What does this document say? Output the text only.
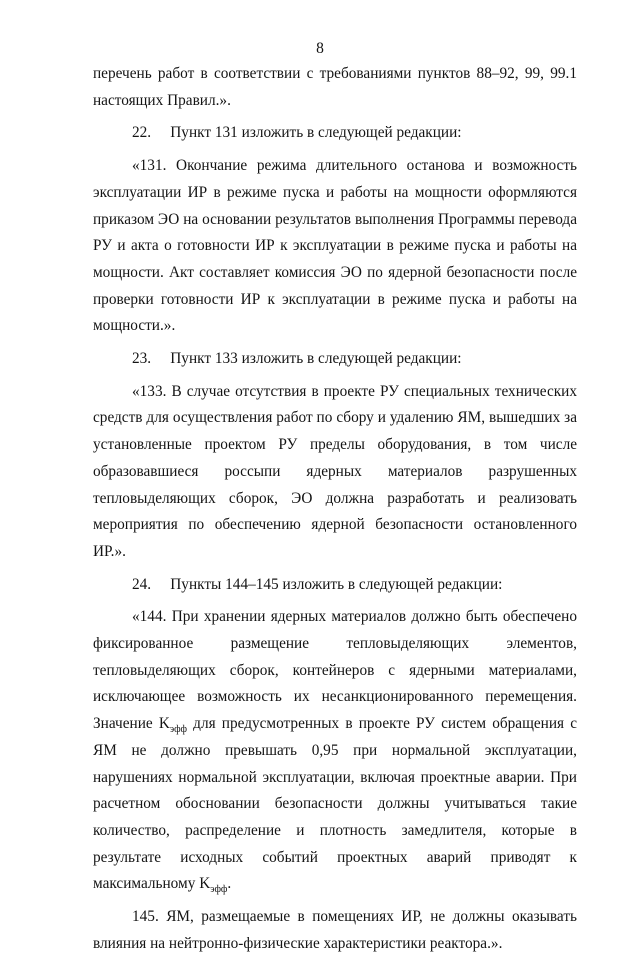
8

перечень работ в соответствии с требованиями пунктов 88–92, 99, 99.1 настоящих Правил.».

22.     Пункт 131 изложить в следующей редакции:

«131. Окончание режима длительного останова и возможность эксплуатации ИР в режиме пуска и работы на мощности оформляются приказом ЭО на основании результатов выполнения Программы перевода РУ и акта о готовности ИР к эксплуатации в режиме пуска и работы на мощности. Акт составляет комиссия ЭО по ядерной безопасности после проверки готовности ИР к эксплуатации в режиме пуска и работы на мощности.».

23.     Пункт 133 изложить в следующей редакции:

«133. В случае отсутствия в проекте РУ специальных технических средств для осуществления работ по сбору и удалению ЯМ, вышедших за установленные проектом РУ пределы оборудования, в том числе образовавшиеся россыпи ядерных материалов разрушенных тепловыделяющих сборок, ЭО должна разработать и реализовать мероприятия по обеспечению ядерной безопасности остановленного ИР.».

24.     Пункты 144–145 изложить в следующей редакции:

«144. При хранении ядерных материалов должно быть обеспечено фиксированное размещение тепловыделяющих элементов, тепловыделяющих сборок, контейнеров с ядерными материалами, исключающее возможность их несанкционированного перемещения. Значение $K_{эфф}$ для предусмотренных в проекте РУ систем обращения с ЯМ не должно превышать 0,95 при нормальной эксплуатации, нарушениях нормальной эксплуатации, включая проектные аварии. При расчетном обосновании безопасности должны учитываться такие количество, распределение и плотность замедлителя, которые в результате исходных событий проектных аварий приводят к максимальному $K_{эфф}$.

145. ЯМ, размещаемые в помещениях ИР, не должны оказывать влияния на нейтронно-физические характеристики реактора.».
